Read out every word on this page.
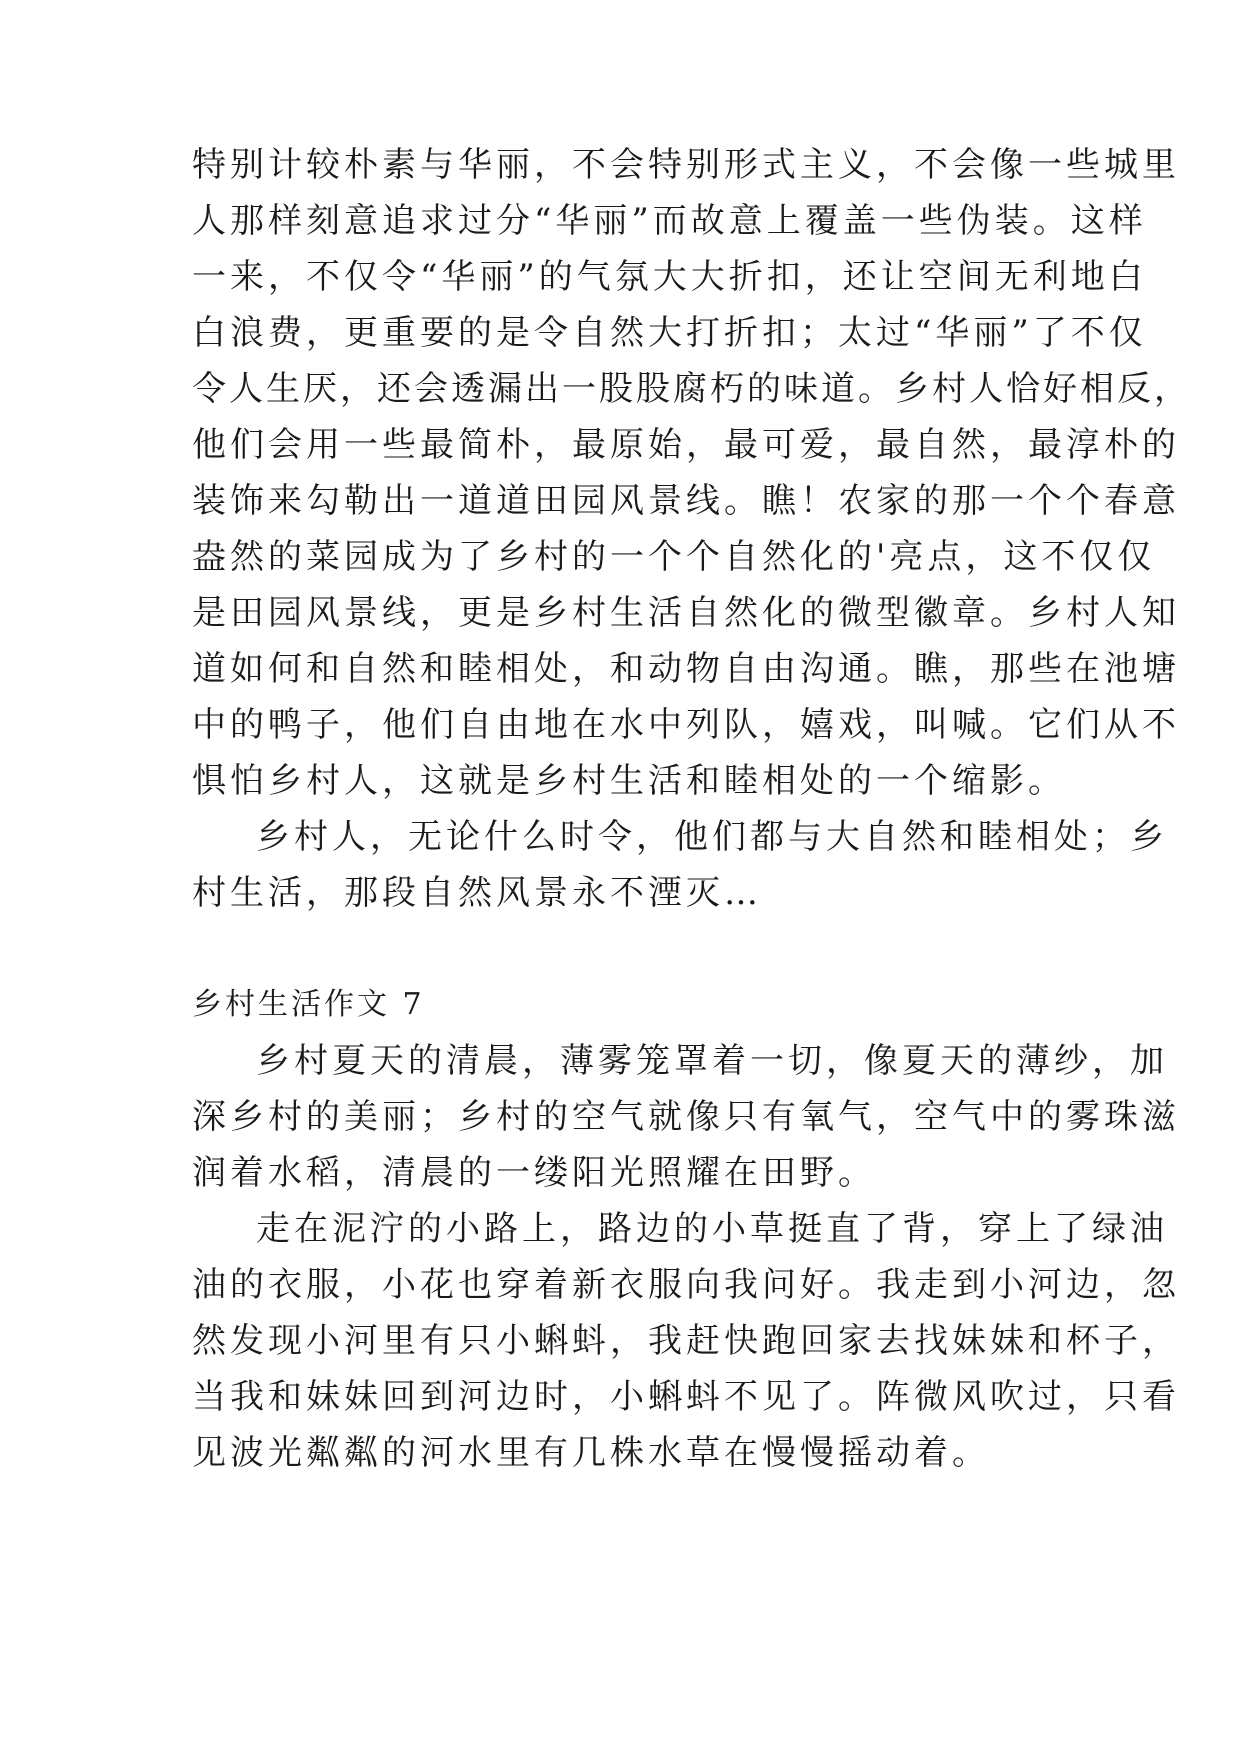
特别计较朴素与华丽，不会特别形式主义，不会像一些城里
人那样刻意追求过分“华丽”而故意上覆盖一些伪装。这样
一来，不仅令“华丽”的气氛大大折扣，还让空间无利地白
白浪费，更重要的是令自然大打折扣；太过“华丽”了不仅
令人生厌，还会透漏出一股股腐朽的味道。乡村人恰好相反，
他们会用一些最简朴，最原始，最可爱，最自然，最淳朴的
装饰来勾勒出一道道田园风景线。瞧！农家的那一个个春意
盎然的菜园成为了乡村的一个个自然化的'亮点，这不仅仅
是田园风景线，更是乡村生活自然化的微型徽章。乡村人知
道如何和自然和睦相处，和动物自由沟通。瞧，那些在池塘
中的鸭子，他们自由地在水中列队，嬉戏，叫喊。它们从不
惧怕乡村人，这就是乡村生活和睦相处的一个缩影。
乡村人，无论什么时令，他们都与大自然和睦相处；乡
村生活，那段自然风景永不湮灭…
乡村生活作文 7
乡村夏天的清晨，薄雾笼罩着一切，像夏天的薄纱，加
深乡村的美丽；乡村的空气就像只有氧气，空气中的雾珠滋
润着水稻，清晨的一缕阳光照耀在田野。
走在泥泞的小路上，路边的小草挺直了背，穿上了绿油
油的衣服，小花也穿着新衣服向我问好。我走到小河边，忽
然发现小河里有只小蝌蚪，我赶快跑回家去找妹妹和杯子，
当我和妹妹回到河边时，小蝌蚪不见了。阵微风吹过，只看
见波光粼粼的河水里有几株水草在慢慢摇动着。
